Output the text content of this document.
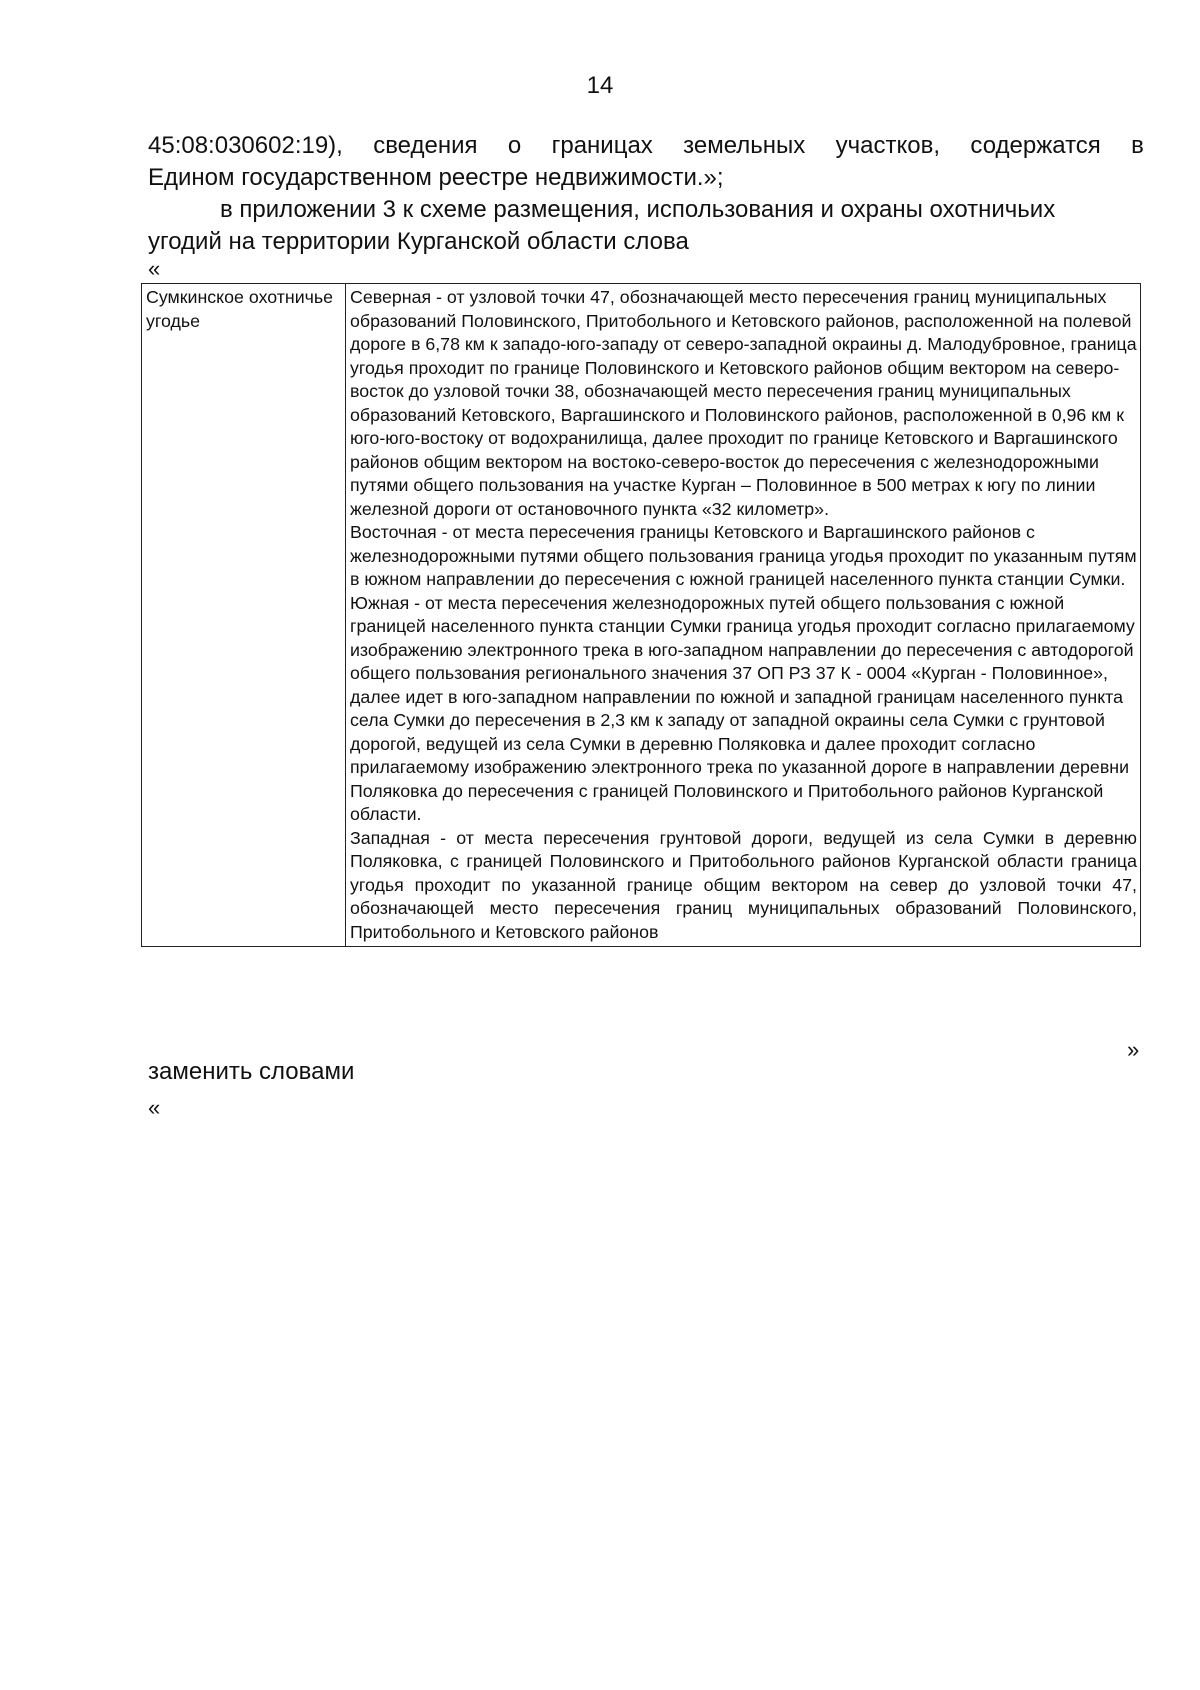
14
45:08:030602:19), сведения о границах земельных участков, содержатся в
Едином государственном реестре недвижимости.»;
в приложении 3 к схеме размещения, использования и охраны охотничьих
угодий на территории Курганской области слова
«
Сумкинское охотничье угодье	

Северная - от узловой точки 47, обозначающей место пересечения границ муниципальных образований Половинского, Притобольного и Кетовского районов, расположенной на полевой дороге в 6,78 км к западо-юго-западу от северо-западной окраины д. Малодубровное, граница угодья проходит по границе Половинского и Кетовского районов общим вектором на северо-восток до узловой точки 38, обозначающей место пересечения границ муниципальных образований Кетовского, Варгашинского и Половинского районов, расположенной в 0,96 км к юго-юго-востоку от водохранилища, далее проходит по границе Кетовского и Варгашинского районов общим вектором на востоко-северо-восток до пересечения с железнодорожными путями общего пользования на участке Курган – Половинное в 500 метрах к югу по линии железной дороги от остановочного пункта «32 километр».

Восточная - от места пересечения границы Кетовского и Варгашинского районов с железнодорожными путями общего пользования граница угодья проходит по указанным путям в южном направлении до пересечения с южной границей населенного пункта станции Сумки.

Южная - от места пересечения железнодорожных путей общего пользования с южной границей населенного пункта станции Сумки граница угодья проходит согласно прилагаемому изображению электронного трека в юго-западном направлении до пересечения с автодорогой общего пользования регионального значения 37 ОП РЗ 37 К - 0004 «Курган - Половинное», далее идет в юго-западном направлении по южной и западной границам населенного пункта села Сумки до пересечения в 2,3 км к западу от западной окраины села Сумки с грунтовой дорогой, ведущей из села Сумки в деревню Поляковка и далее проходит согласно прилагаемому изображению электронного трека по указанной дороге в направлении деревни Поляковка до пересечения с границей Половинского и Притобольного районов Курганской области.

Западная - от места пересечения грунтовой дороги, ведущей из села Сумки в деревню Поляковка, с границей Половинского и Притобольного районов Курганской области граница угодья проходит по указанной границе общим вектором на север до узловой точки 47, обозначающей место пересечения границ муниципальных образований Половинского, Притобольного и Кетовского районов

»
заменить словами
«
